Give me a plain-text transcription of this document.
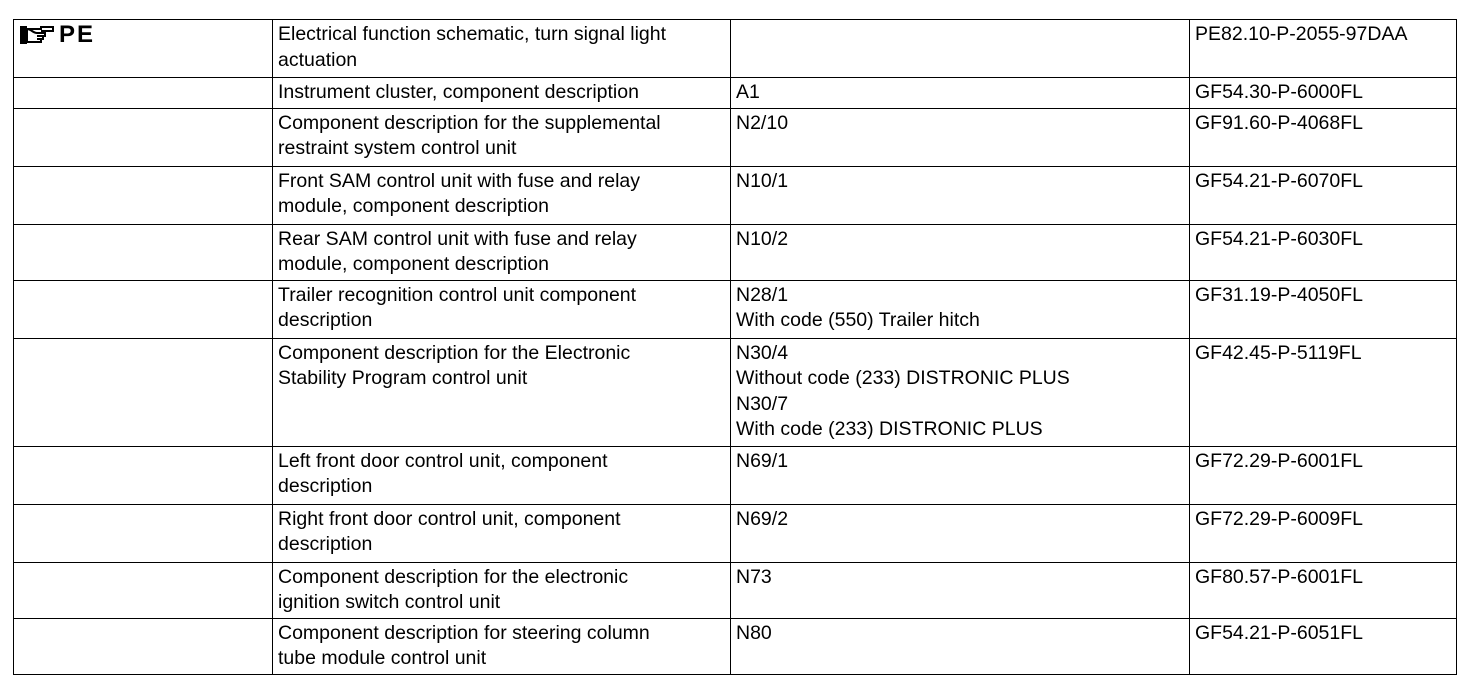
PE	Electrical function schematic, turn signal light
actuation		PE82.10-P-2055-97DAA

	Instrument cluster, component description	A1	GF54.30-P-6000FL

	Component description for the supplemental
restraint system control unit	N2/10	GF91.60-P-4068FL

	Front SAM control unit with fuse and relay
module, component description	N10/1	GF54.21-P-6070FL

	Rear SAM control unit with fuse and relay
module, component description	N10/2	GF54.21-P-6030FL

	Trailer recognition control unit component
description	N28/1
With code (550) Trailer hitch	GF31.19-P-4050FL

	Component description for the Electronic
Stability Program control unit	N30/4
Without code (233) DISTRONIC PLUS
N30/7
With code (233) DISTRONIC PLUS	GF42.45-P-5119FL

	Left front door control unit, component
description	N69/1	GF72.29-P-6001FL

	Right front door control unit, component
description	N69/2	GF72.29-P-6009FL

	Component description for the electronic
ignition switch control unit	N73	GF80.57-P-6001FL

	Component description for steering column
tube module control unit	N80	GF54.21-P-6051FL
